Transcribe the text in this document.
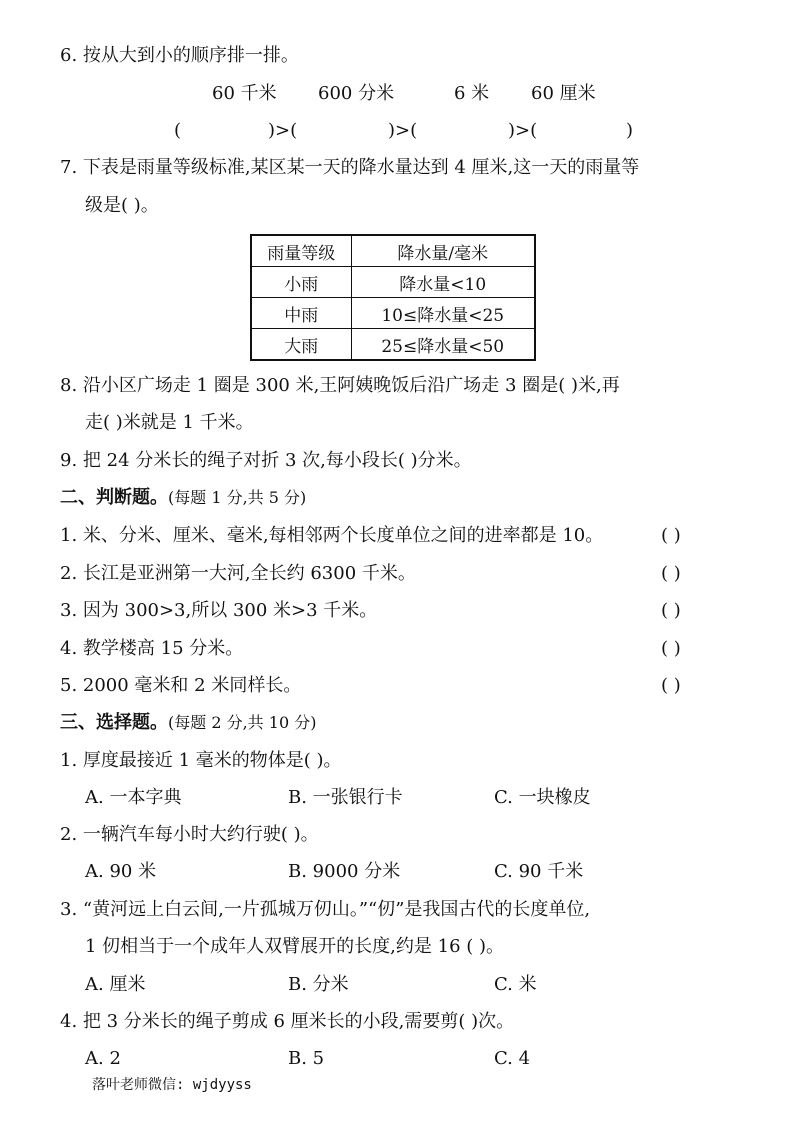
6. 按从大到小的顺序排一排。
60 千米 600 分米	6 米 60 厘米
(	)>(	)>(	)>(	)
7. 下表是雨量等级标准,某区某一天的降水量达到 4 厘米,这一天的雨量等
级是( )。
雨量等级	降水量/毫米
小雨	降水量<10
中雨	10≤降水量<25
大雨	25≤降水量<50
8. 沿小区广场走 1 圈是 300 米,王阿姨晚饭后沿广场走 3 圈是( )米,再
走( )米就是 1 千米。
9. 把 24 分米长的绳子对折 3 次,每小段长( )分米。
二、判断题。(每题 1 分,共 5 分)
1. 米、分米、厘米、毫米,每相邻两个长度单位之间的进率都是 10。	( )
2. 长江是亚洲第一大河,全长约 6300 千米。	( )
3. 因为 300>3,所以 300 米>3 千米。	( )
4. 教学楼高 15 分米。	( )
5. 2000 毫米和 2 米同样长。	( )
三、选择题。(每题 2 分,共 10 分)
1. 厚度最接近 1 毫米的物体是( )。
A. 一本字典	B. 一张银行卡	C. 一块橡皮
2. 一辆汽车每小时大约行驶( )。
A. 90 米	B. 9000 分米	C. 90 千米
3. “黄河远上白云间,一片孤城万仞山。”“仞”是我国古代的长度单位,
1 仞相当于一个成年人双臂展开的长度,约是 16 ( )。
A. 厘米	B. 分米	C. 米
4. 把 3 分米长的绳子剪成 6 厘米长的小段,需要剪( )次。
A. 2	B. 5	C. 4
落叶老师微信: wjdyyss
